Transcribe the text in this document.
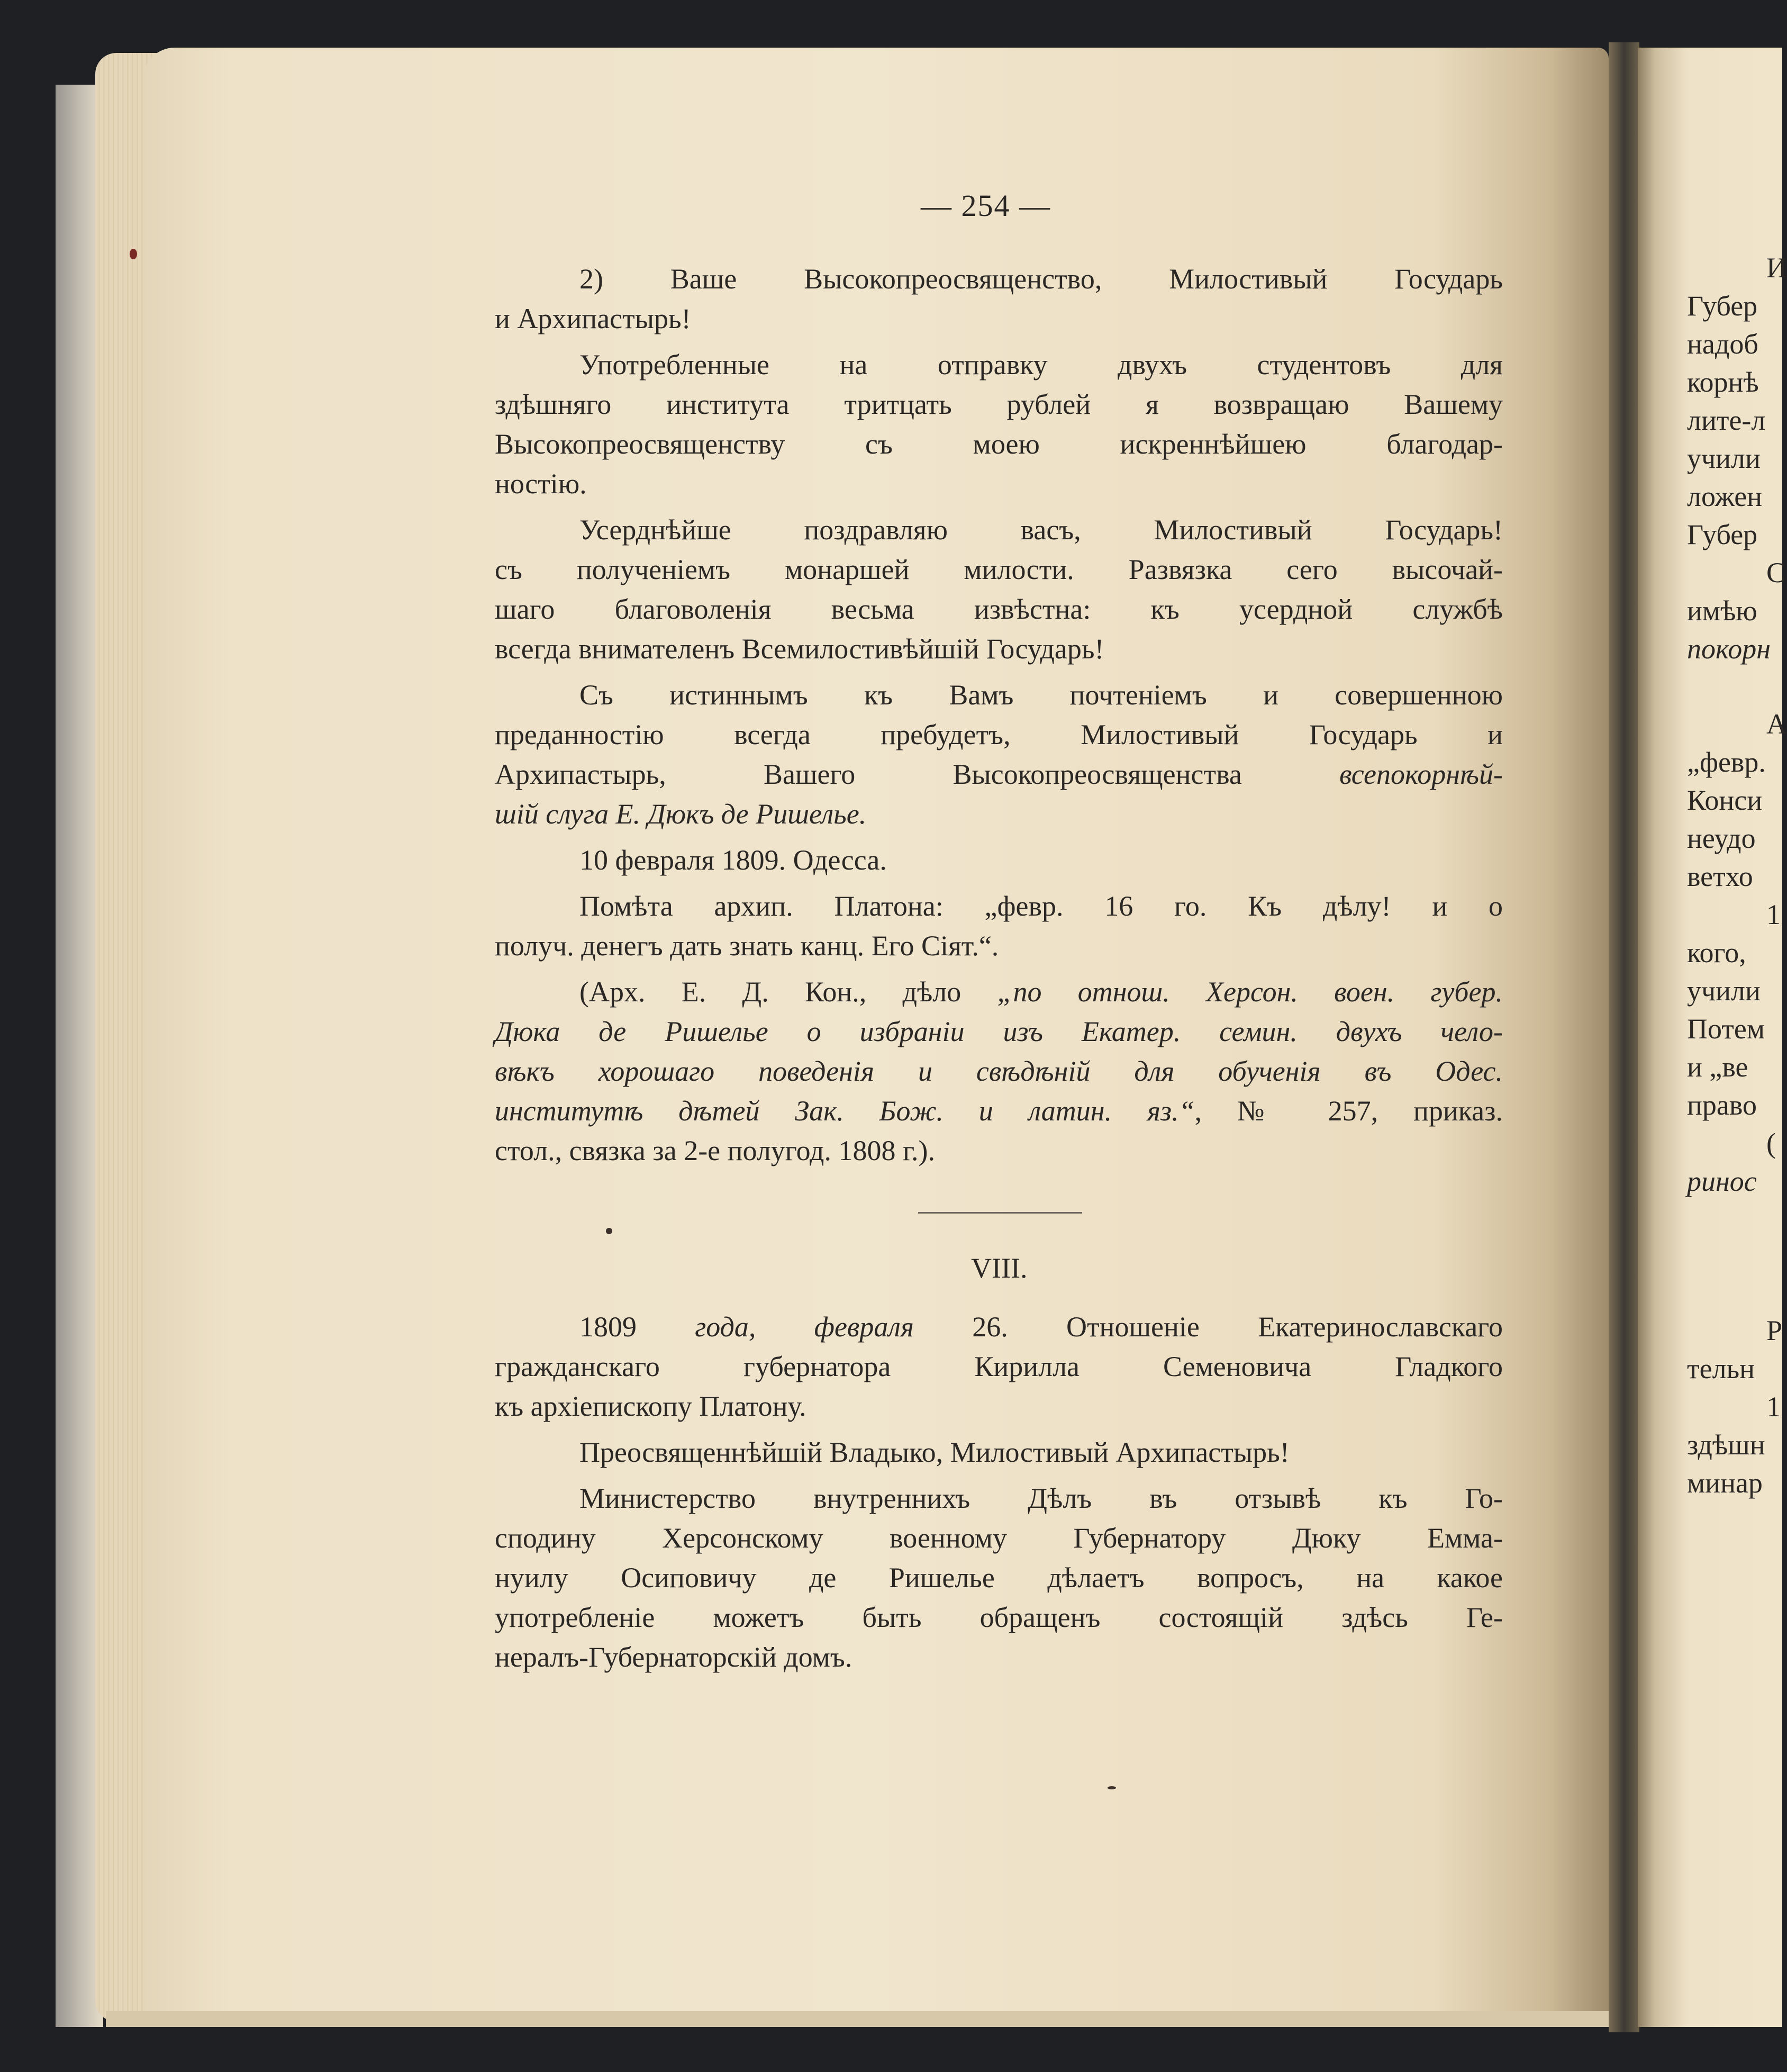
— 254 —
2) Ваше Высокопреосвященство, Милостивый Государь
и Архипастырь!
Употребленные на отправку двухъ студентовъ для
здѣшняго института тритцать рублей я возвращаю Вашему
Высокопреосвященству съ моею искреннѣйшею благодар-
ностiю.
Усерднѣйше поздравляю васъ, Милостивый Государь!
съ полученiемъ монаршей милости. Развязка сего высочай-
шаго благоволенiя весьма извѣстна: къ усердной службѣ
всегда внимателенъ Всемилостивѣйшiй Государь!
Съ истиннымъ къ Вамъ почтенiемъ и совершенною
преданностiю всегда пребудетъ, Милостивый Государь и
Архипастырь, Вашего Высокопреосвященства	всепокорнѣй-
шiй слуга Е. Дюкъ де Ришелье.
10 февраля 1809. Одесса.
Помѣта архип. Платона: „февр. 16 го. Къ дѣлу! и о
получ. денегъ дать знать канц. Его Сiят.“.
(Арх. Е. Д. Кон., дѣло „по отнош. Херсон. воен. губер.
Дюка де Ришелье о избранiи изъ Екатер. семин. двухъ чело-
вѣкъ хорошаго поведенiя и свѣдѣнiй для обученiя въ Одес.
институтѣ дѣтей Зак. Бож. и латин. яз.“, № 257, приказ.
стол., связка за 2-е полугод. 1808 г.).
VIII.
1809 года, февраля 26. Отношенiе Екатеринославскаго
гражданскаго губернатора Кирилла Семеновича Гладкого
къ архiепископу Платону.
Преосвященнѣйшiй Владыко, Милостивый Архипастырь!
Министерство внутреннихъ Дѣлъ въ отзывѣ къ Го-
сподину Херсонскому военному Губернатору Дюку Емма-
нуилу Осиповичу де Ришелье дѣлаетъ вопросъ, на какое
употребленiе можетъ быть обращенъ состоящiй здѣсь Ге-
нералъ-Губернаторскiй домъ.
И
Губер
надоб
корнѣ
лите-л
учили
ложен
Губер
С
имѣю
покорн
А
„февр.
Конси
неудо
ветхо
1
кого,
учили
Потем
и „ве
право
(
ринос
Р
тельн
1
здѣшн
минар
